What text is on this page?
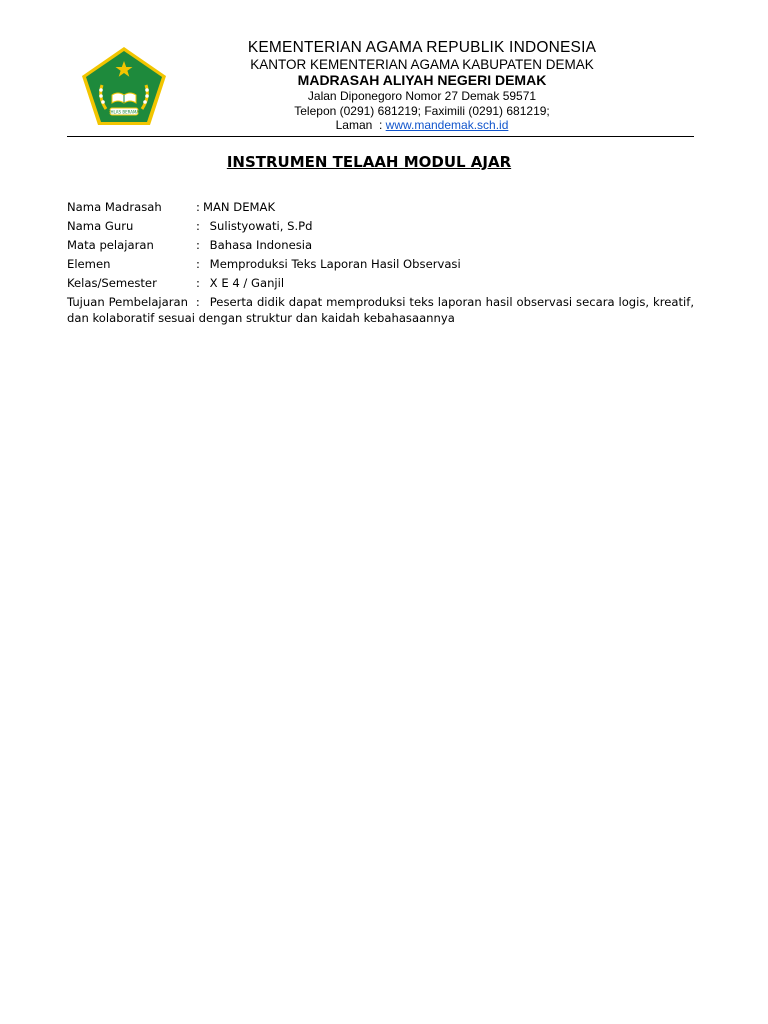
IKHLAS BERAMAL
KEMENTERIAN AGAMA REPUBLIK INDONESIA
KANTOR KEMENTERIAN AGAMA KABUPATEN DEMAK
MADRASAH ALIYAH NEGERI DEMAK
Jalan Diponegoro Nomor 27 Demak 59571
Telepon (0291) 681219; Faximili (0291) 681219;
Laman  : www.mandemak.sch.id
INSTRUMEN TELAAH MODUL AJAR
Nama Madrasah	: MAN DEMAK
Nama Guru	: Sulistyowati, S.Pd
Mata pelajaran	: Bahasa Indonesia
Elemen	: Memproduksi Teks Laporan Hasil Observasi
Kelas/Semester	: X E 4 / Ganjil
Tujuan Pembelajaran : Peserta didik dapat memproduksi teks laporan hasil observasi secara logis, kreatif, dan kolaboratif sesuai dengan struktur dan kaidah kebahasaannya
